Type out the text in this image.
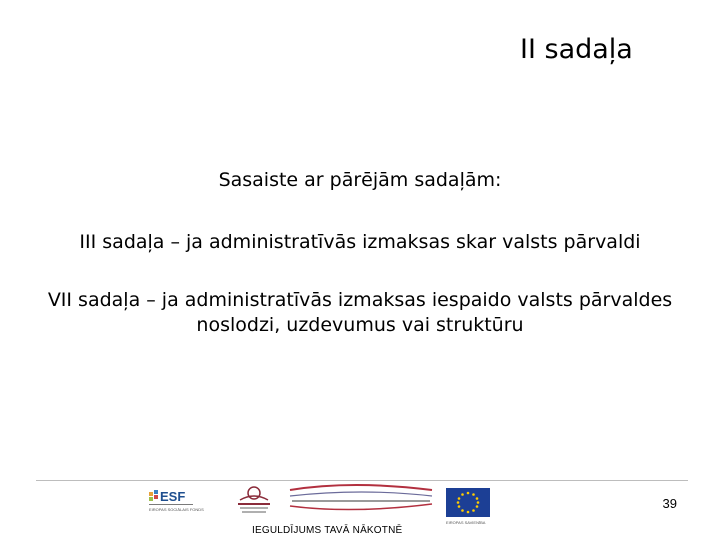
II sadaļa
Sasaiste ar pārējām sadaļām:
III sadaļa – ja administratīvās izmaksas skar valsts pārvaldi
VII sadaļa – ja administratīvās izmaksas iespaido valsts pārvaldes
noslodzi, uzdevumus vai struktūru
39
ESF
EIROPAS SOCIĀLAIS FONDS
EIROPAS SAVIENĪBA
IEGULDĪJUMS TAVĀ NĀKOTNĒ
